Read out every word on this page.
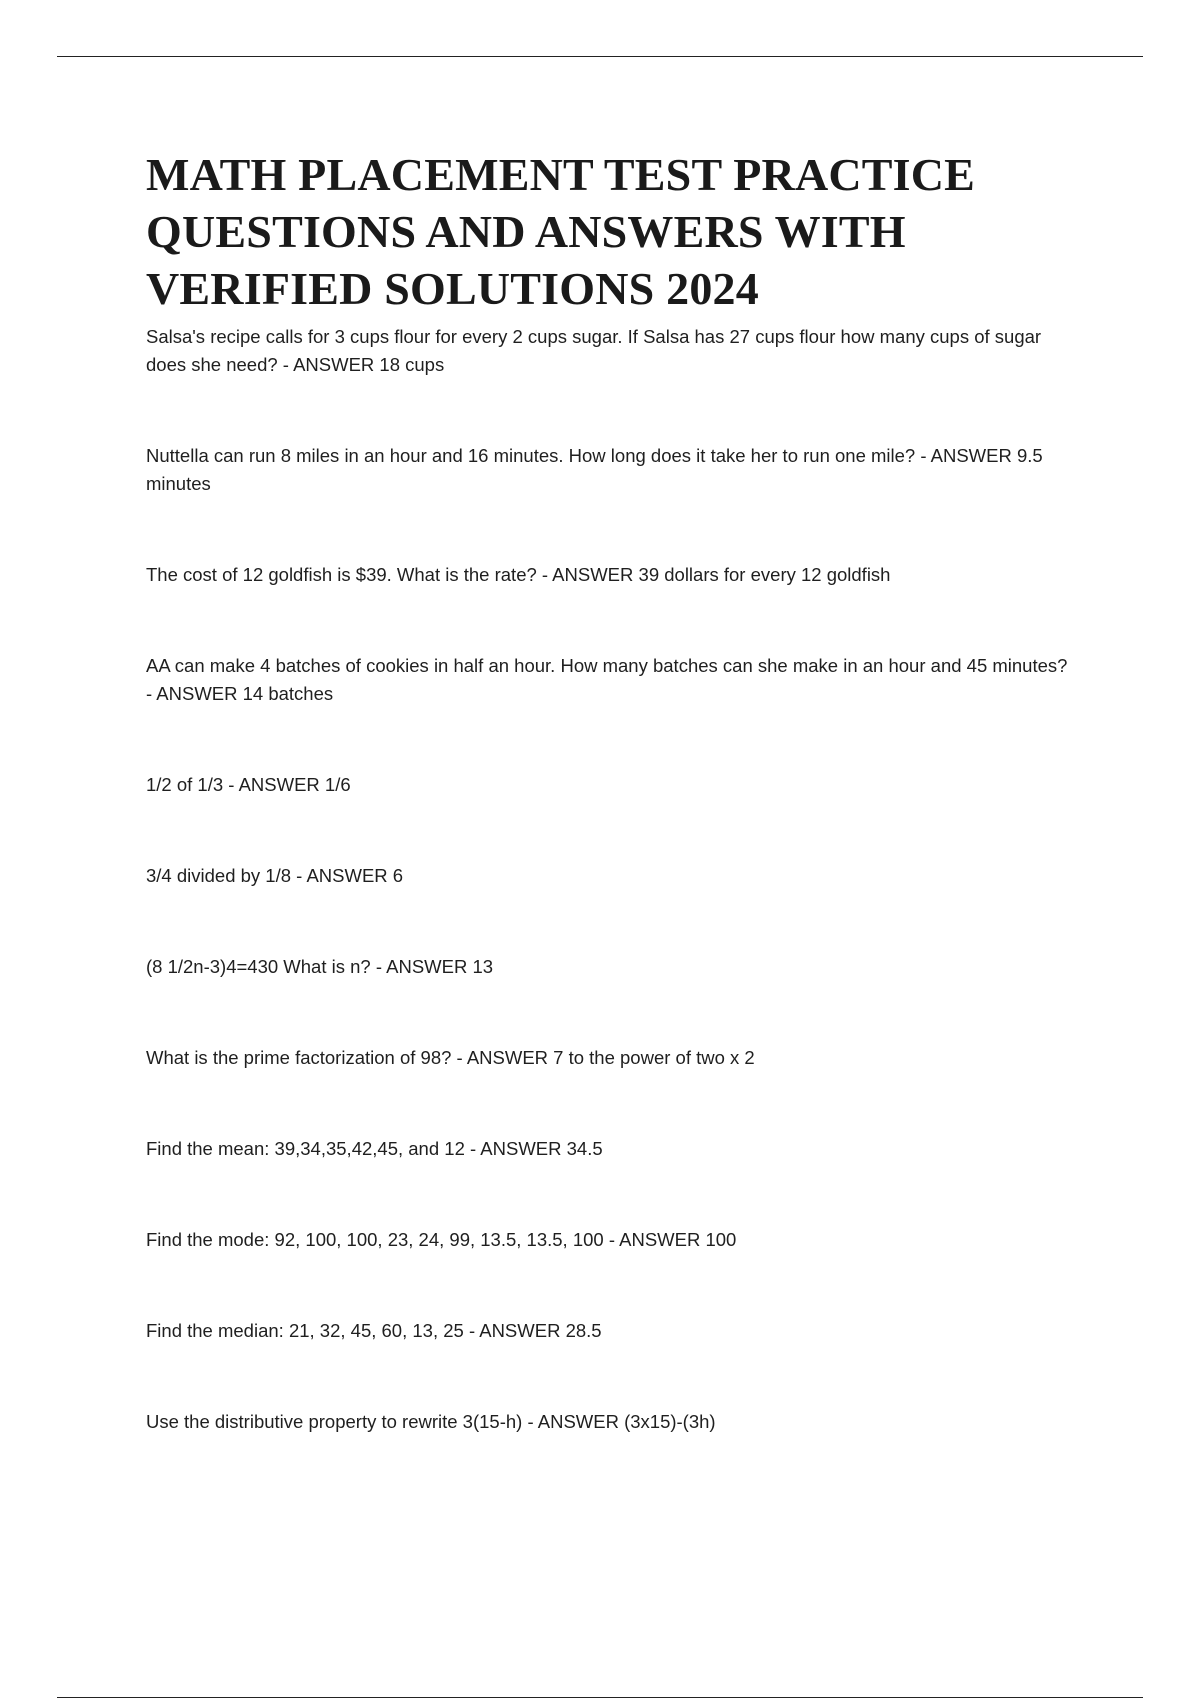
MATH PLACEMENT TEST PRACTICE QUESTIONS AND ANSWERS WITH VERIFIED SOLUTIONS 2024
Salsa's recipe calls for 3 cups flour for every 2 cups sugar. If Salsa has 27 cups flour how many cups of sugar does she need? - ANSWER 18 cups
Nuttella can run 8 miles in an hour and 16 minutes. How long does it take her to run one mile? - ANSWER 9.5 minutes
The cost of 12 goldfish is $39. What is the rate? - ANSWER 39 dollars for every 12 goldfish
AA can make 4 batches of cookies in half an hour. How many batches can she make in an hour and 45 minutes? - ANSWER 14 batches
1/2 of 1/3 - ANSWER 1/6
3/4 divided by 1/8 - ANSWER 6
(8 1/2n-3)4=430 What is n? - ANSWER 13
What is the prime factorization of 98? - ANSWER 7 to the power of two x 2
Find the mean: 39,34,35,42,45, and 12 - ANSWER 34.5
Find the mode: 92, 100, 100, 23, 24, 99, 13.5, 13.5, 100 - ANSWER 100
Find the median: 21, 32, 45, 60, 13, 25 - ANSWER 28.5
Use the distributive property to rewrite 3(15-h) - ANSWER (3x15)-(3h)
